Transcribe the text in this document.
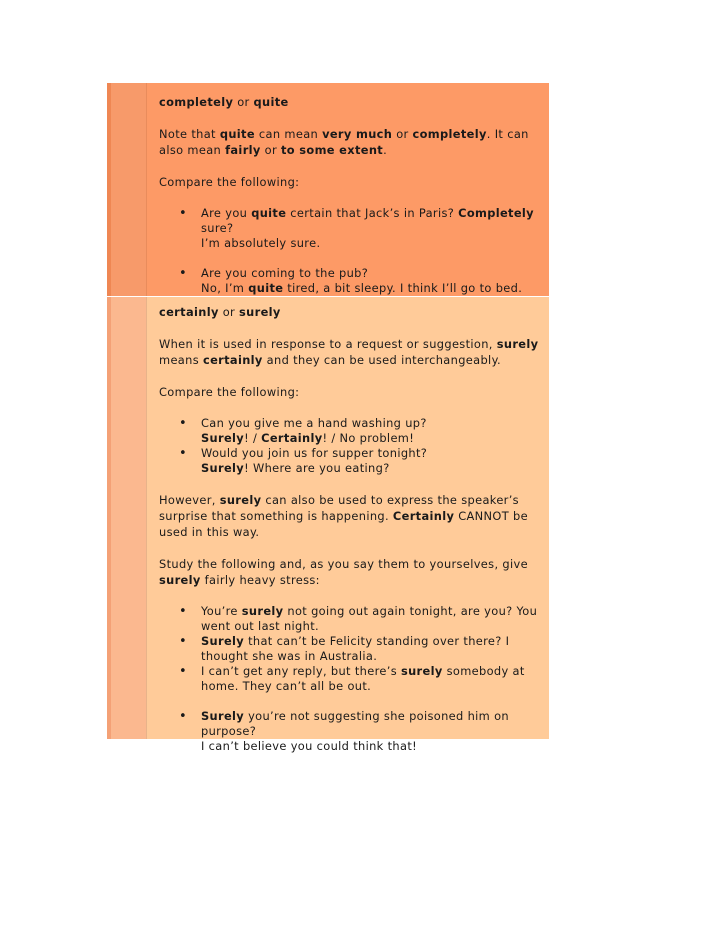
completely or quite

Note that quite can mean very much or completely. It can also mean fairly or to some extent.

Compare the following:

• Are you quite certain that Jack’s in Paris? Completely sure?
I’m absolutely sure.
• Are you coming to the pub?
No, I’m quite tired, a bit sleepy. I think I’ll go to bed.

certainly or surely

When it is used in response to a request or suggestion, surely means certainly and they can be used interchangeably.

Compare the following:

• Can you give me a hand washing up?
Surely! / Certainly! / No problem!
• Would you join us for supper tonight?
Surely! Where are you eating?

However, surely can also be used to express the speaker’s surprise that something is happening. Certainly CANNOT be used in this way.

Study the following and, as you say them to yourselves, give surely fairly heavy stress:

• You’re surely not going out again tonight, are you? You went out last night.
• Surely that can’t be Felicity standing over there? I thought she was in Australia.
• I can’t get any reply, but there’s surely somebody at home. They can’t all be out.
• Surely you’re not suggesting she poisoned him on purpose?
I can’t believe you could think that!
